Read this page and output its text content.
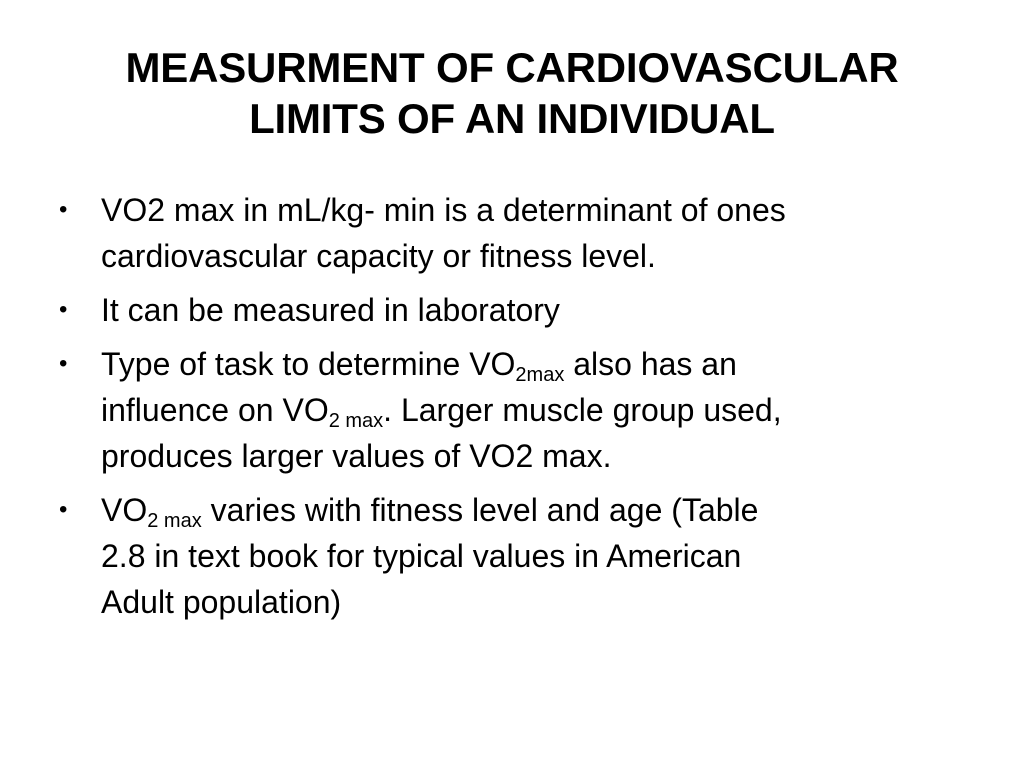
MEASURMENT OF CARDIOVASCULAR
LIMITS OF AN INDIVIDUAL
• VO2 max in mL/kg- min is a determinant of ones
cardiovascular capacity or fitness level.
• It can be measured in laboratory
• Type of task to determine $VO_{2max}$ also has an
influence on $VO_{2 max}$. Larger muscle group used,
produces larger values of VO2 max.
• $VO_{2 max}$ varies with fitness level and age (Table
2.8 in text book for typical values in American
Adult population)
